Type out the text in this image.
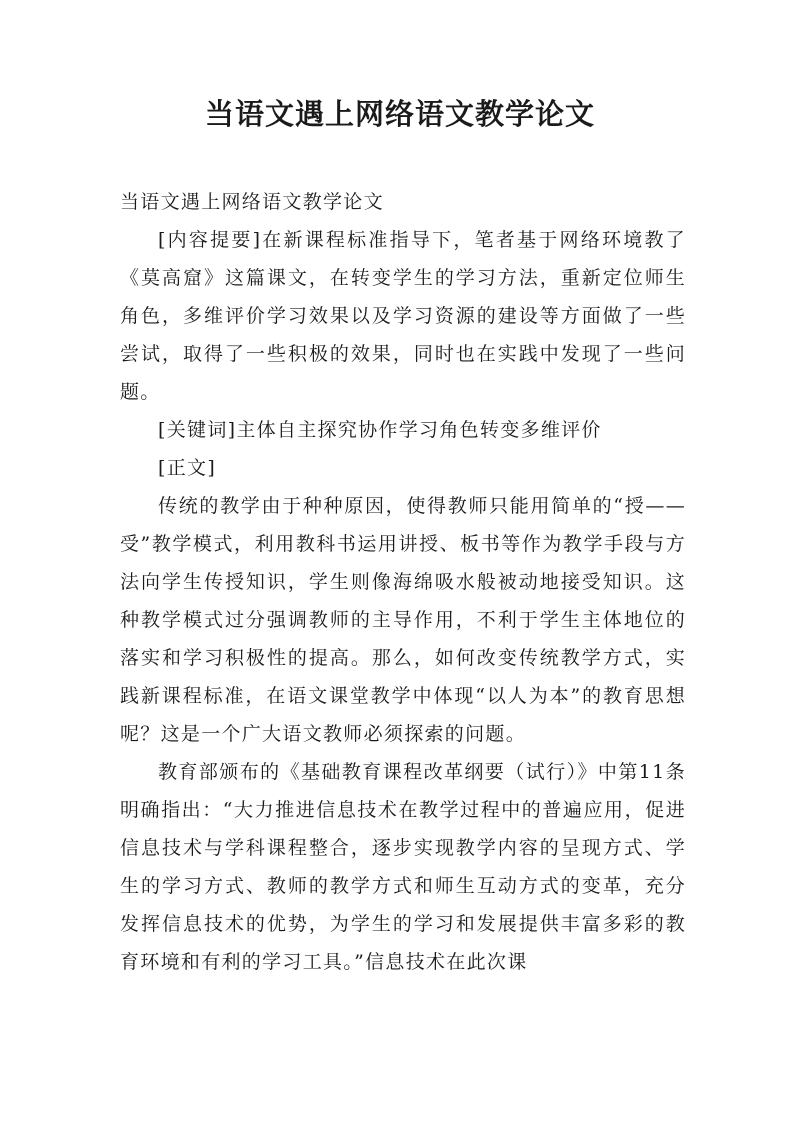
当语文遇上网络语文教学论文

当语文遇上网络语文教学论文

[内容提要]在新课程标准指导下，笔者基于网络环境教了《莫高窟》这篇课文，在转变学生的学习方法，重新定位师生角色，多维评价学习效果以及学习资源的建设等方面做了一些尝试，取得了一些积极的效果，同时也在实践中发现了一些问题。

[关键词]主体自主探究协作学习角色转变多维评价

[正文]

传统的教学由于种种原因，使得教师只能用简单的“授——受”教学模式，利用教科书运用讲授、板书等作为教学手段与方法向学生传授知识，学生则像海绵吸水般被动地接受知识。这种教学模式过分强调教师的主导作用，不利于学生主体地位的落实和学习积极性的提高。那么，如何改变传统教学方式，实践新课程标准，在语文课堂教学中体现“以人为本”的教育思想呢？这是一个广大语文教师必须探索的问题。

教育部颁布的《基础教育课程改革纲要（试行）》中第11条明确指出：“大力推进信息技术在教学过程中的普遍应用，促进信息技术与学科课程整合，逐步实现教学内容的呈现方式、学生的学习方式、教师的教学方式和师生互动方式的变革，充分发挥信息技术的优势，为学生的学习和发展提供丰富多彩的教育环境和有利的学习工具。”信息技术在此次课
